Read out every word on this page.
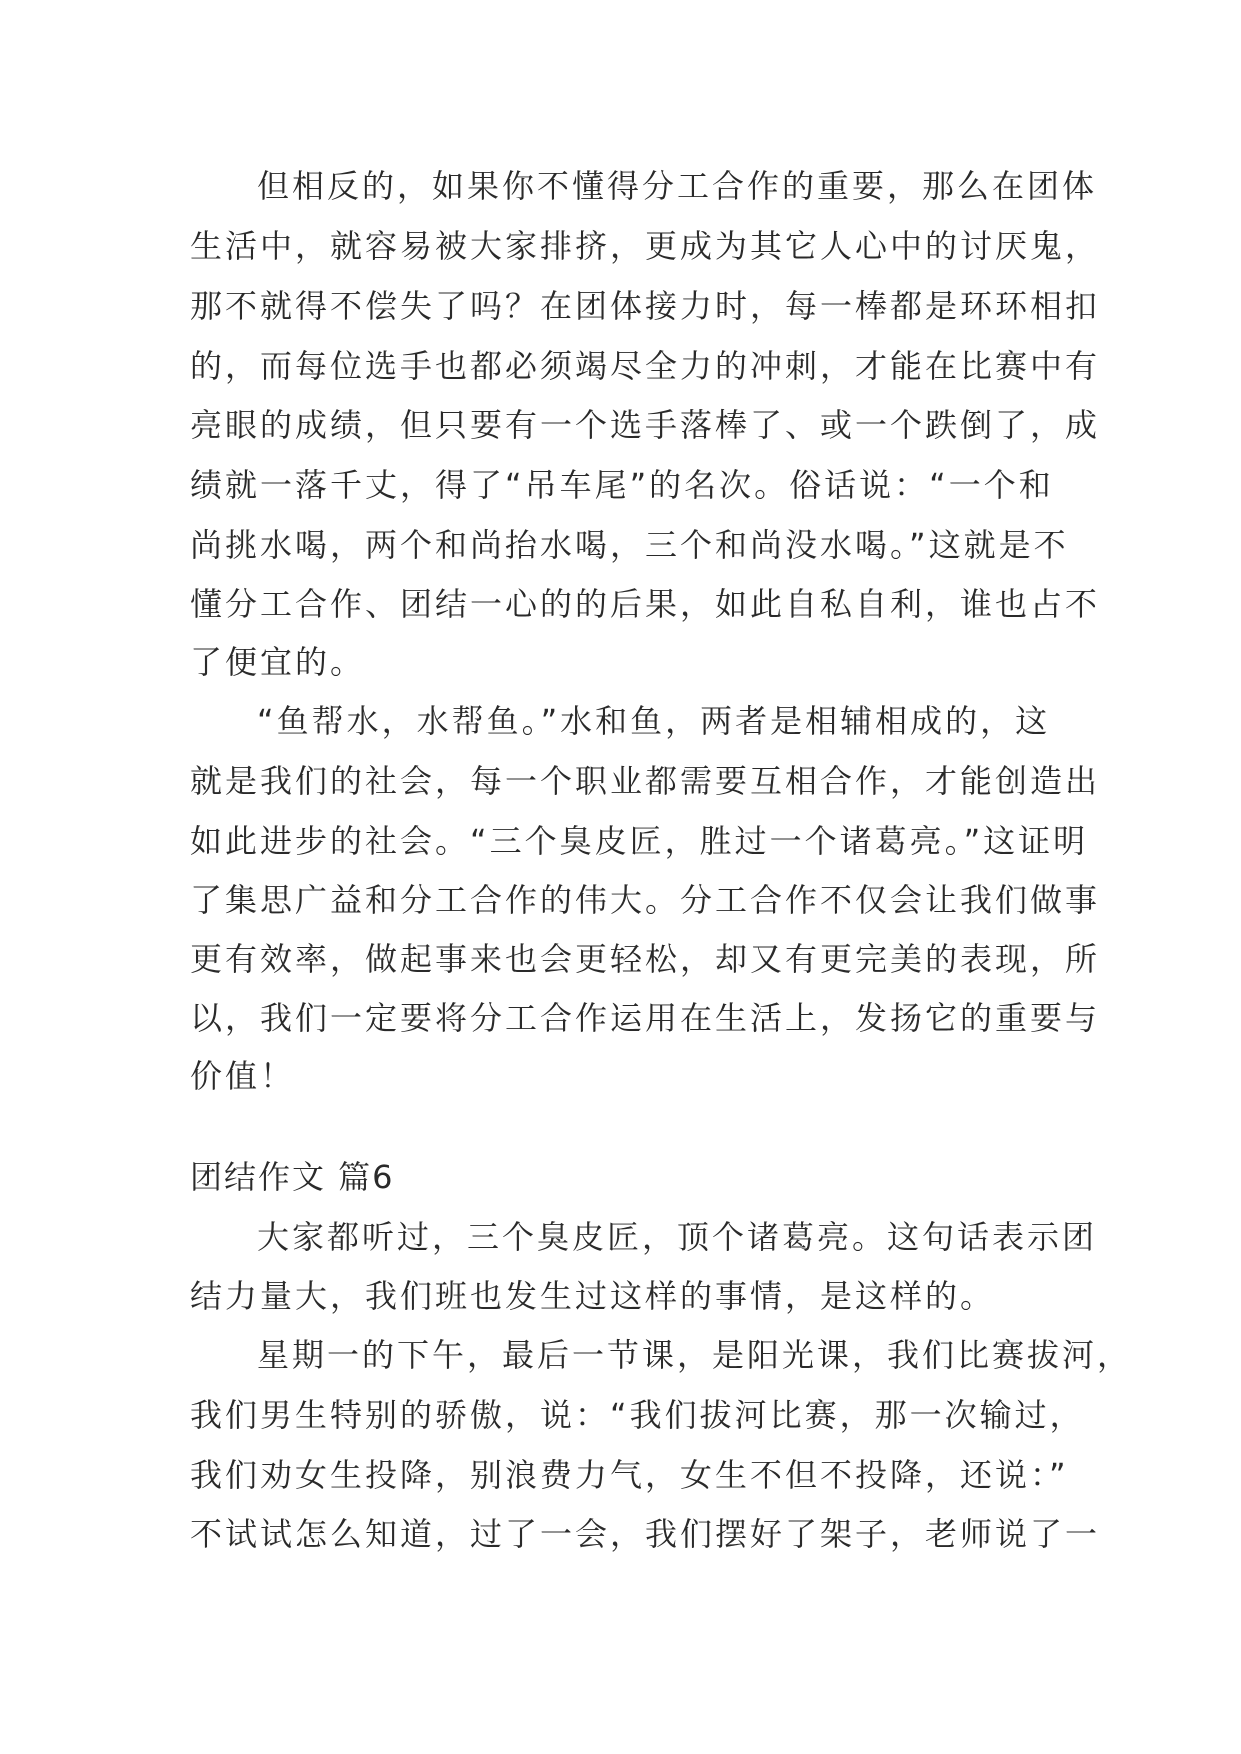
但相反的，如果你不懂得分工合作的重要，那么在团体
生活中，就容易被大家排挤，更成为其它人心中的讨厌鬼，
那不就得不偿失了吗？在团体接力时，每一棒都是环环相扣
的，而每位选手也都必须竭尽全力的冲刺，才能在比赛中有
亮眼的成绩，但只要有一个选手落棒了、或一个跌倒了，成
绩就一落千丈，得了“吊车尾”的名次。俗话说：“一个和
尚挑水喝，两个和尚抬水喝，三个和尚没水喝。”这就是不
懂分工合作、团结一心的的后果，如此自私自利，谁也占不
了便宜的。
“鱼帮水，水帮鱼。”水和鱼，两者是相辅相成的，这
就是我们的社会，每一个职业都需要互相合作，才能创造出
如此进步的社会。“三个臭皮匠，胜过一个诸葛亮。”这证明
了集思广益和分工合作的伟大。分工合作不仅会让我们做事
更有效率，做起事来也会更轻松，却又有更完美的表现，所
以，我们一定要将分工合作运用在生活上，发扬它的重要与
价值！
团结作文 篇6
大家都听过，三个臭皮匠，顶个诸葛亮。这句话表示团
结力量大，我们班也发生过这样的事情，是这样的。
星期一的下午，最后一节课，是阳光课，我们比赛拔河，
我们男生特别的骄傲，说：“我们拔河比赛，那一次输过，
我们劝女生投降，别浪费力气，女生不但不投降，还说：”
不试试怎么知道，过了一会，我们摆好了架子，老师说了一
